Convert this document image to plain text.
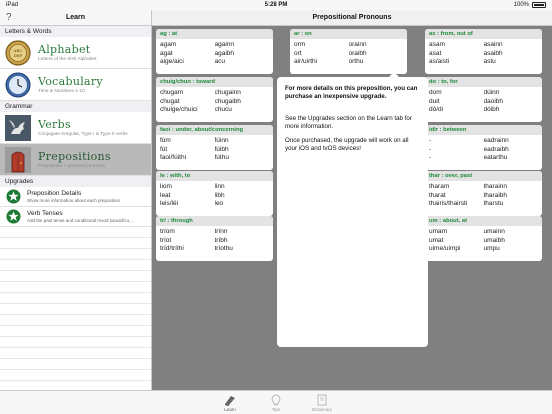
iPad	5:28 PM	100%
?	Learn
Letters & Words
ABC
DEF Alphabet
Letters of the Irish Alphabet
Vocabulary
Time & Numbers 1-10
Grammar
Verbs
Conjugate Irregular, Type I & Type II verbs
Prepositions
Preposition + personal pronoun
Upgrades
Preposition Details
Show more information about each preposition
Verb Tenses
Add the past tense and conditional mood (would/co...
Prepositional Pronouns
ag : at
agam	againn
agat	agaibh
aige/aici	acu
ar : on
orm	orainn
ort	oraibh
air/uirthi	orthu
as : from, out of
asam	asainn
asat	asaibh
as/aisti	astu
chuig/chun : toward
chugam	chugainn
chugat	chugaibh
chuige/chuici	chucu
do : to, for
dom	dúinn
duit	daoibh
dó/di	dóibh
faoi : under, about/concerning
fúm	fúinn
fút	fúibh
faoi/fúithi	fúthu
idir : between
-	eadrainn
-	eadraibh
-	eatarthu
le : with, to
liom	linn
leat	libh
leis/léi	leo
thar : over, past
tharam	tharainn
tharat	tharaibh
thairis/thairsti	tharstu
trí : through
tríom	trínn
tríot	tríbh
tríd/tríthi	tríothu
um : about, at
umam	umainn
umat	umaibh
uime/uimpi	umpu
For more details on this preposition, you can purchase an inexpensive upgrade.

See the Upgrades section on the Learn tab for more information.

Once purchased, the upgrade will work on all your iOS and tvOS devices!

Learn	Tips	Dictionary
